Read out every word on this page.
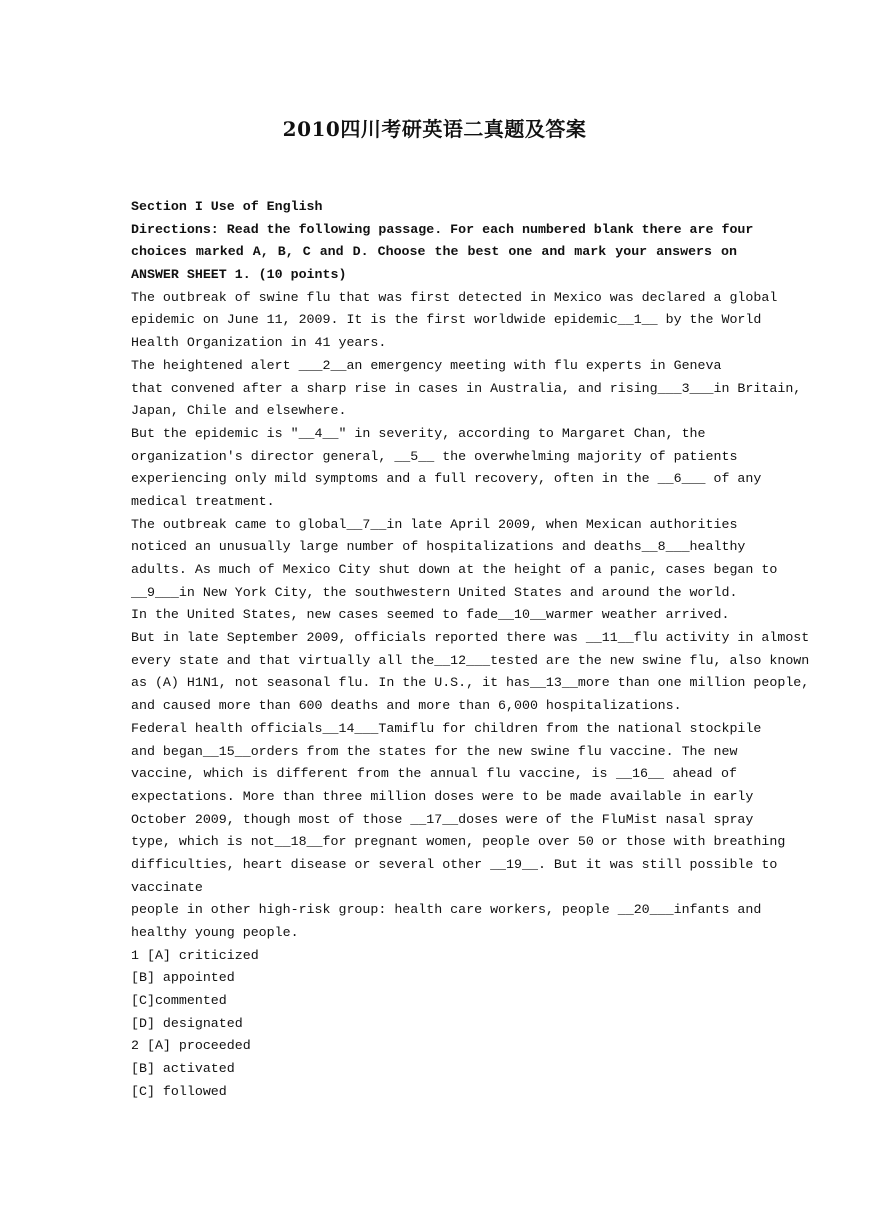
2010四川考研英语二真题及答案
Section I Use of English
Directions: Read the following passage. For each numbered blank there are four
choices marked A, B, C and D. Choose the best one and mark your answers on
ANSWER SHEET 1. (10 points)
The outbreak of swine flu that was first detected in Mexico was declared a global
epidemic on June 11, 2009. It is the first worldwide epidemic__1__ by the World
Health Organization in 41 years.
The heightened alert ___2__an emergency meeting with flu experts in Geneva
that convened after a sharp rise in cases in Australia, and rising___3___in Britain,
Japan, Chile and elsewhere.
But the epidemic is "__4__" in severity, according to Margaret Chan, the
organization's director general, __5__ the overwhelming majority of patients
experiencing only mild symptoms and a full recovery, often in the __6___ of any
medical treatment.
The outbreak came to global__7__in late April 2009, when Mexican authorities
noticed an unusually large number of hospitalizations and deaths__8___healthy
adults. As much of Mexico City shut down at the height of a panic, cases began to
__9___in New York City, the southwestern United States and around the world.
In the United States, new cases seemed to fade__10__warmer weather arrived.
But in late September 2009, officials reported there was __11__flu activity in almost
every state and that virtually all the__12___tested are the new swine flu, also known
as (A) H1N1, not seasonal flu. In the U.S., it has__13__more than one million people,
and caused more than 600 deaths and more than 6,000 hospitalizations.
Federal health officials__14___Tamiflu for children from the national stockpile
and began__15__orders from the states for the new swine flu vaccine. The new
vaccine, which is different from the annual flu vaccine, is __16__ ahead of
expectations. More than three million doses were to be made available in early
October 2009, though most of those __17__doses were of the FluMist nasal spray
type, which is not__18__for pregnant women, people over 50 or those with breathing
difficulties, heart disease or several other __19__. But it was still possible to
vaccinate
people in other high-risk group: health care workers, people __20___infants and
healthy young people.
1 [A] criticized
[B] appointed
[C]commented
[D] designated
2 [A] proceeded
[B] activated
[C] followed
